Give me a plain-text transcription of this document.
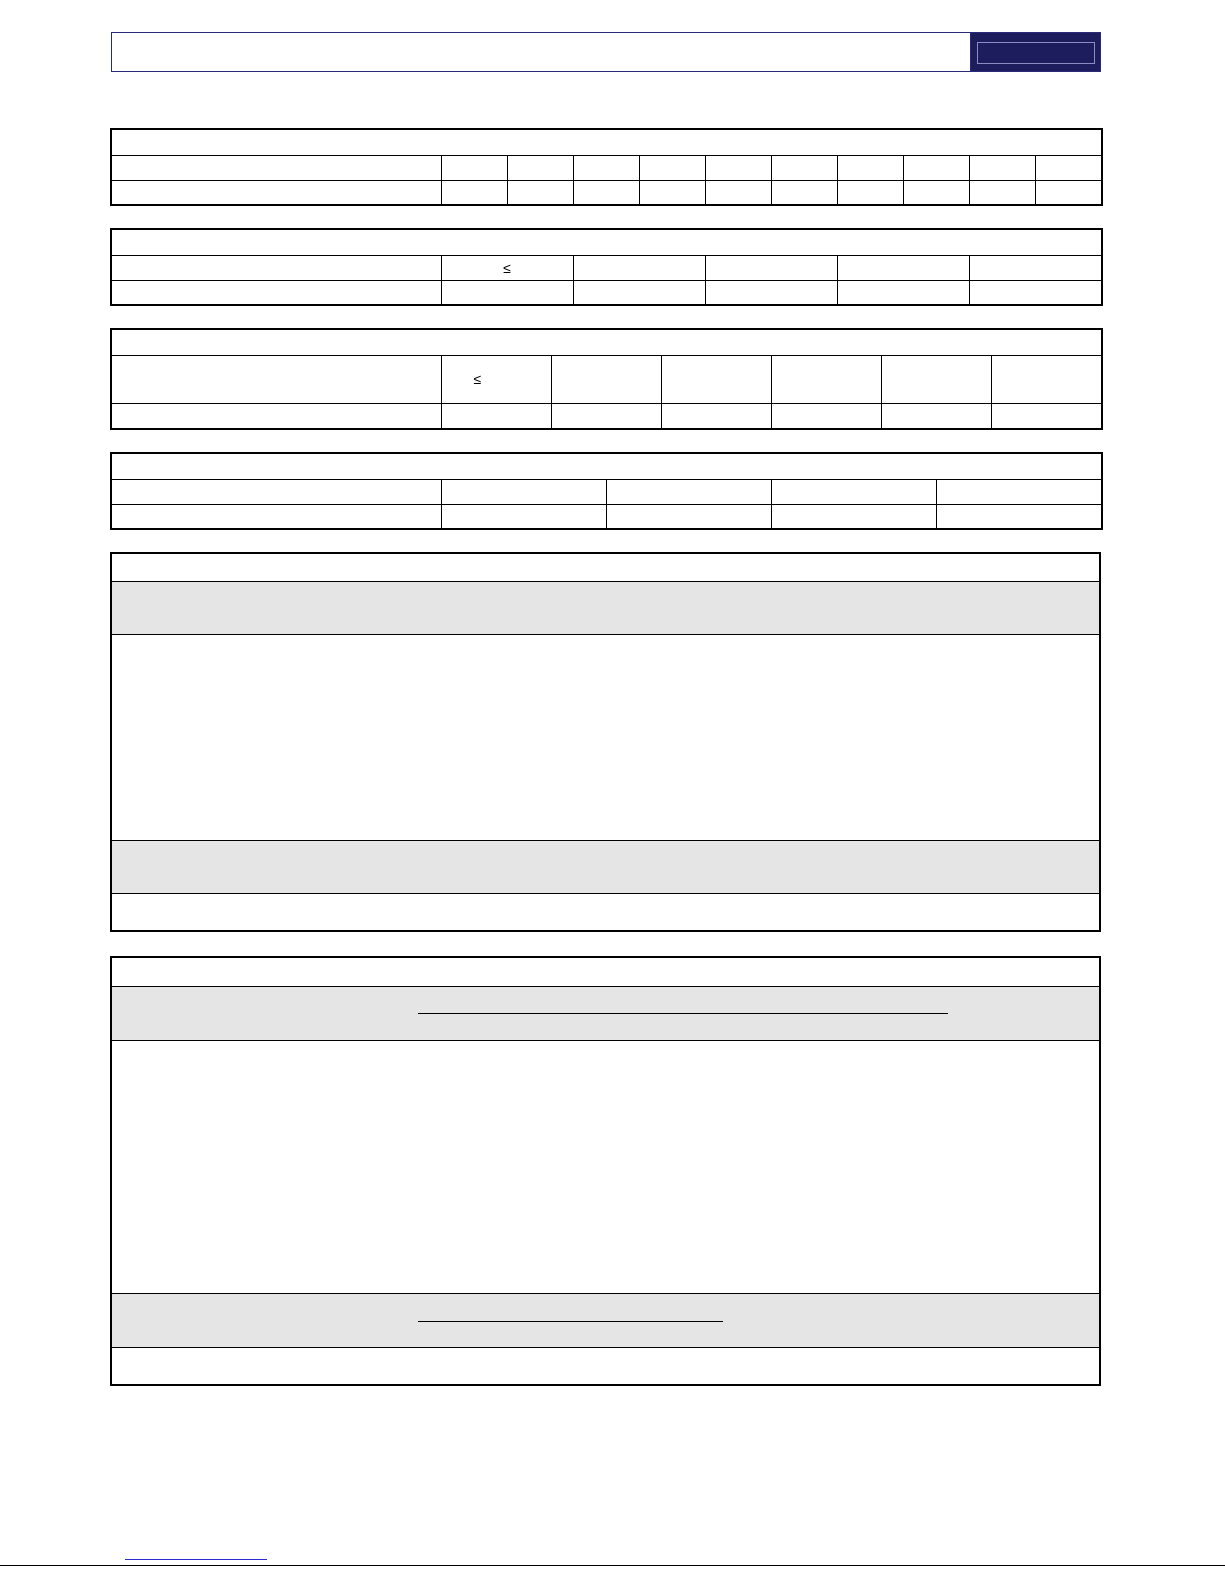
	≤				

	≤					
